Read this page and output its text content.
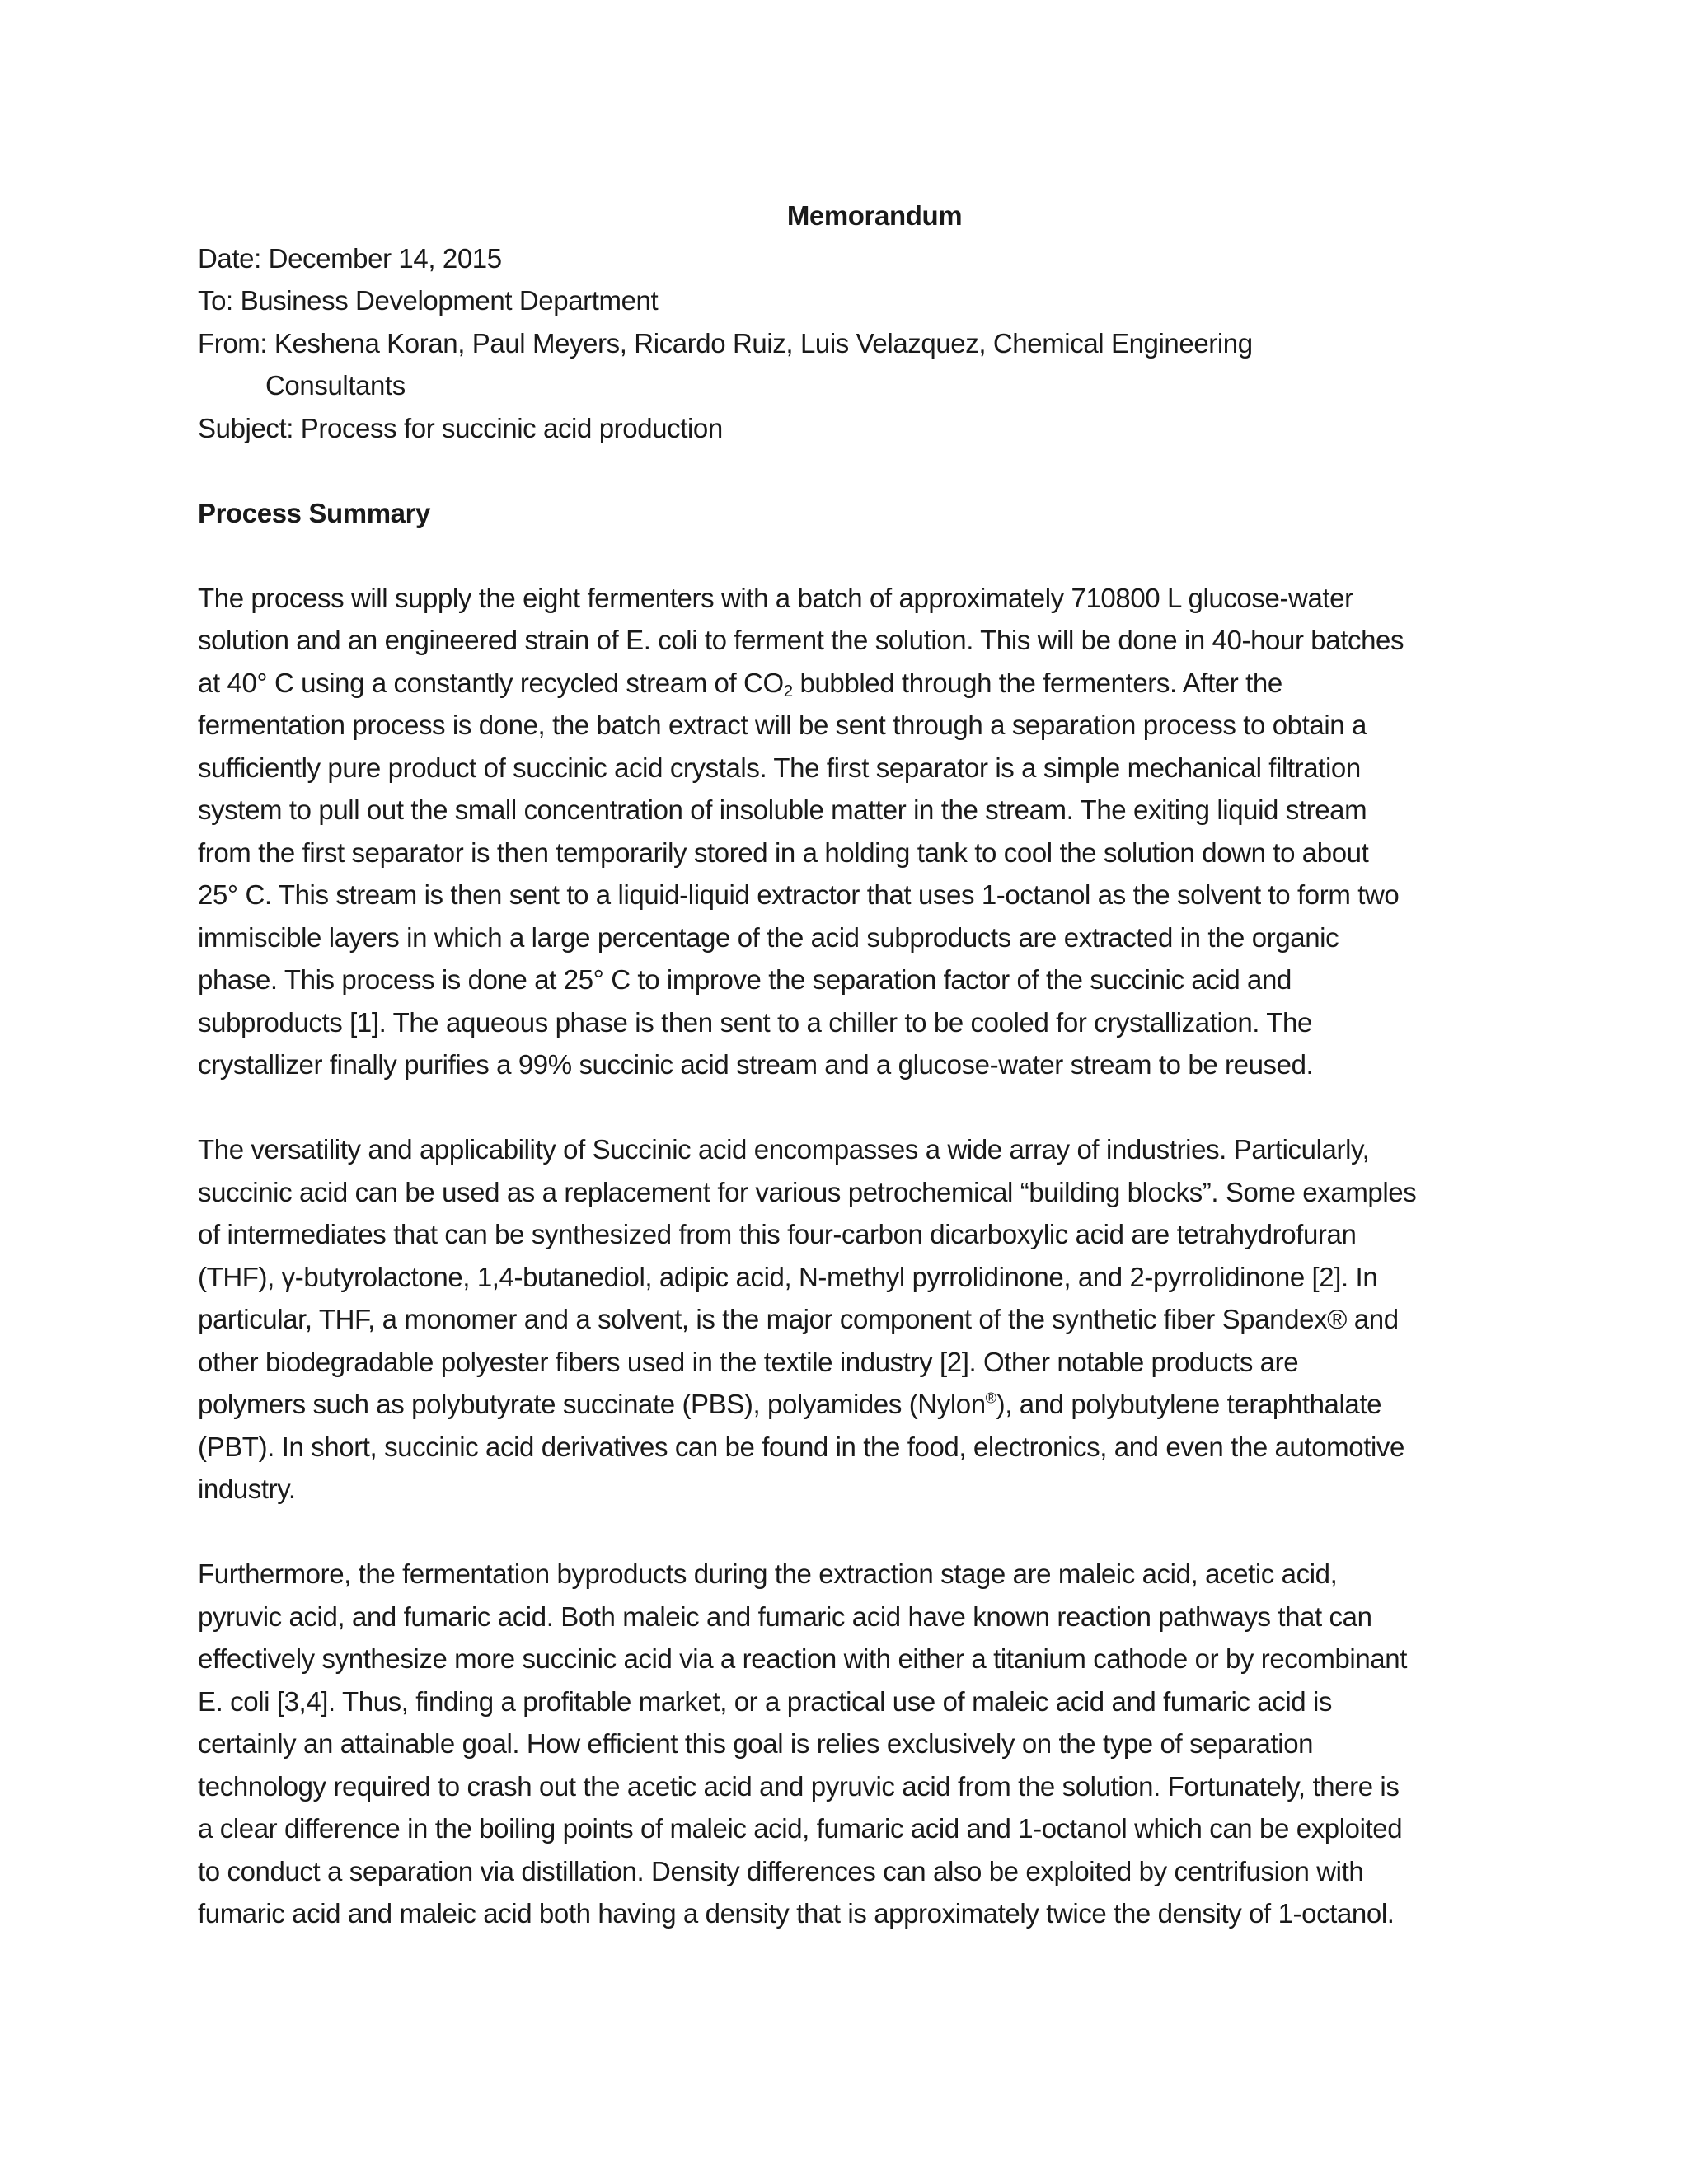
Memorandum
Date: December 14, 2015
To: Business Development Department
From: Keshena Koran, Paul Meyers, Ricardo Ruiz, Luis Velazquez, Chemical Engineering
Consultants
Subject: Process for succinic acid production
Process Summary
The process will supply the eight fermenters with a batch of approximately 710800 L glucose-water
solution and an engineered strain of E. coli to ferment the solution. This will be done in 40-hour batches
at 40° C using a constantly recycled stream of $CO_2$ bubbled through the fermenters. After the
fermentation process is done, the batch extract will be sent through a separation process to obtain a
sufficiently pure product of succinic acid crystals. The first separator is a simple mechanical filtration
system to pull out the small concentration of insoluble matter in the stream. The exiting liquid stream
from the first separator is then temporarily stored in a holding tank to cool the solution down to about
25° C. This stream is then sent to a liquid-liquid extractor that uses 1-octanol as the solvent to form two
immiscible layers in which a large percentage of the acid subproducts are extracted in the organic
phase. This process is done at 25° C to improve the separation factor of the succinic acid and
subproducts [1]. The aqueous phase is then sent to a chiller to be cooled for crystallization. The
crystallizer finally purifies a 99% succinic acid stream and a glucose-water stream to be reused.
The versatility and applicability of Succinic acid encompasses a wide array of industries. Particularly,
succinic acid can be used as a replacement for various petrochemical “building blocks”. Some examples
of intermediates that can be synthesized from this four-carbon dicarboxylic acid are tetrahydrofuran
(THF), γ-butyrolactone, 1,4-butanediol, adipic acid, N-methyl pyrrolidinone, and 2-pyrrolidinone [2]. In
particular, THF, a monomer and a solvent, is the major component of the synthetic fiber Spandex® and
other biodegradable polyester fibers used in the textile industry [2]. Other notable products are
polymers such as polybutyrate succinate (PBS), polyamides (Nylon®), and polybutylene teraphthalate
(PBT). In short, succinic acid derivatives can be found in the food, electronics, and even the automotive
industry.
Furthermore, the fermentation byproducts during the extraction stage are maleic acid, acetic acid,
pyruvic acid, and fumaric acid. Both maleic and fumaric acid have known reaction pathways that can
effectively synthesize more succinic acid via a reaction with either a titanium cathode or by recombinant
E. coli [3,4]. Thus, finding a profitable market, or a practical use of maleic acid and fumaric acid is
certainly an attainable goal. How efficient this goal is relies exclusively on the type of separation
technology required to crash out the acetic acid and pyruvic acid from the solution. Fortunately, there is
a clear difference in the boiling points of maleic acid, fumaric acid and 1-octanol which can be exploited
to conduct a separation via distillation. Density differences can also be exploited by centrifusion with
fumaric acid and maleic acid both having a density that is approximately twice the density of 1-octanol.
